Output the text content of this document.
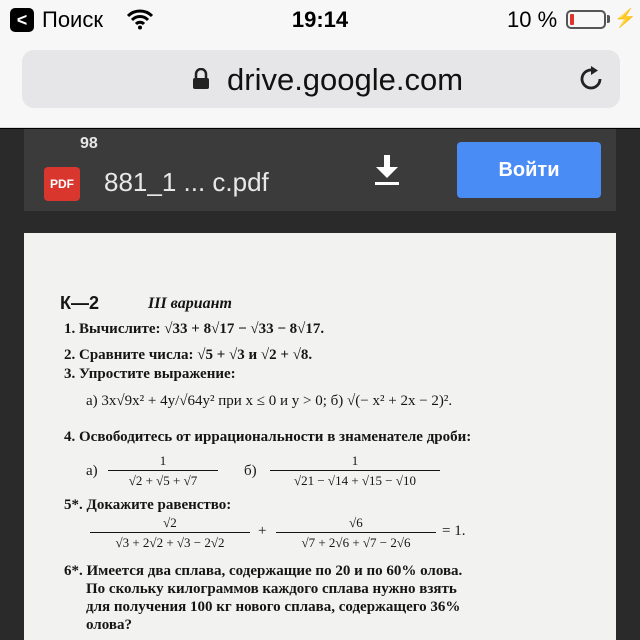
< Поиск	19:14	10 %	⚡
drive.google.com
98
PDF 881_1 ... c.pdf	Войти
К—2	III вариант
1. Вычислите: √33 + 8√17 − √33 − 8√17.
2. Сравните числа: √5 + √3 и √2 + √8.
3. Упростите выражение:
а) 3x√9x² + 4y/√64y² при x ≤ 0 и y > 0; б) √(− x² + 2x − 2)².
4. Освободитесь от иррациональности в знаменателе дроби:
а)
1
√2 + √5 + √7
б)
1
√21 − √14 + √15 − √10
5*. Докажите равенство:
√2
√3 + 2√2 + √3 − 2√2
+
√6
√7 + 2√6 + √7 − 2√6
= 1.
6*. Имеется два сплава, содержащие по 20 и по 60% олова.
По скольку килограммов каждого сплава нужно взять
для получения 100 кг нового сплава, содержащего 36%
олова?
